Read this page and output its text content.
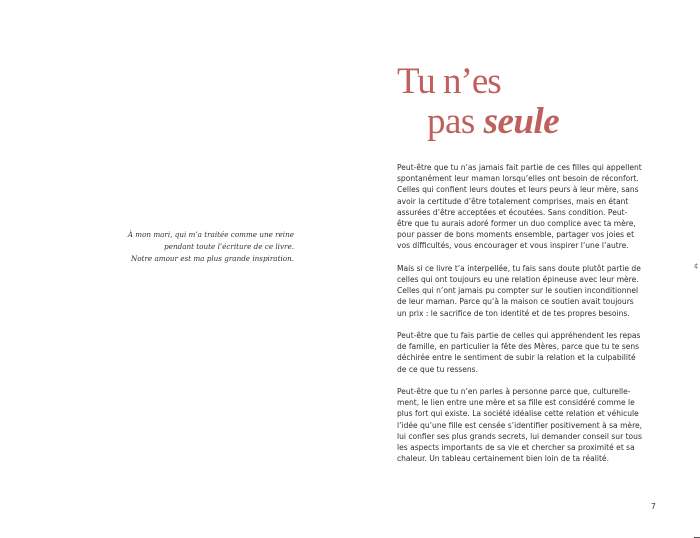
À mon mari, qui m’a traitée comme une reine
pendant toute l’écriture de ce livre.
Notre amour est ma plus grande inspiration.
Tu n’es
pas seule

Peut-être que tu n’as jamais fait partie de ces filles qui appellent
spontanément leur maman lorsqu’elles ont besoin de réconfort.
Celles qui confient leurs doutes et leurs peurs à leur mère, sans
avoir la certitude d’être totalement comprises, mais en étant
assurées d’être acceptées et écoutées. Sans condition. Peut-
être que tu aurais adoré former un duo complice avec ta mère,
pour passer de bons moments ensemble, partager vos joies et
vos difficultés, vous encourager et vous inspirer l’une l’autre.

Mais si ce livre t’a interpellée, tu fais sans doute plutôt partie de
celles qui ont toujours eu une relation épineuse avec leur mère.
Celles qui n’ont jamais pu compter sur le soutien inconditionnel
de leur maman. Parce qu’à la maison ce soutien avait toujours
un prix : le sacrifice de ton identité et de tes propres besoins.

Peut-être que tu fais partie de celles qui appréhendent les repas
de famille, en particulier la fête des Mères, parce que tu te sens
déchirée entre le sentiment de subir la relation et la culpabilité
de ce que tu ressens.

Peut-être que tu n’en parles à personne parce que, culturelle-
ment, le lien entre une mère et sa fille est considéré comme le
plus fort qui existe. La société idéalise cette relation et véhicule
l’idée qu’une fille est censée s’identifier positivement à sa mère,
lui confier ses plus grands secrets, lui demander conseil sur tous
les aspects importants de sa vie et chercher sa proximité et sa
chaleur. Un tableau certainement bien loin de ta réalité.

7
¢
